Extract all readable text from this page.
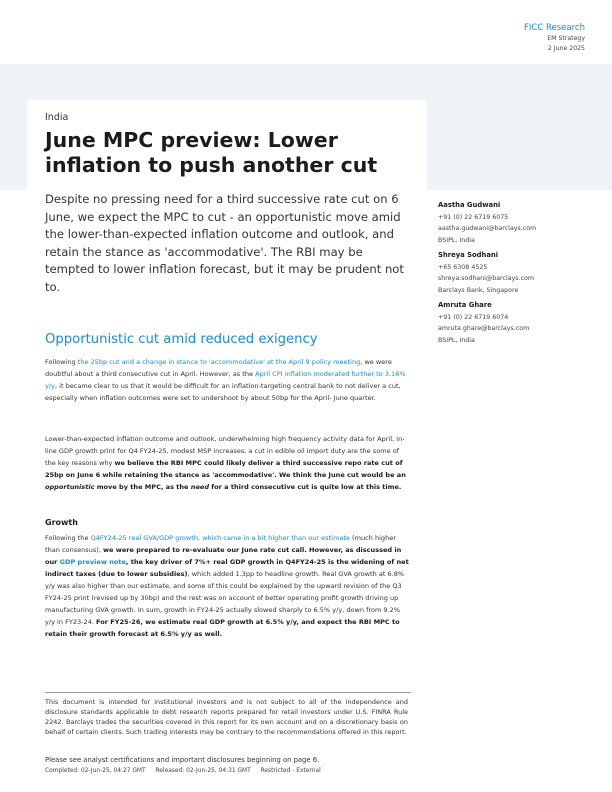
FICC Research
EM Strategy
2 June 2025
India
June MPC preview: Lower inflation to push another cut

Despite no pressing need for a third successive rate cut on 6 June, we expect the MPC to cut - an opportunistic move amid the lower-than-expected inflation outcome and outlook, and retain the stance as 'accommodative'. The RBI may be tempted to lower inflation forecast, but it may be prudent not to.

Aastha Gudwani
+91 (0) 22 6719 6075
aastha.gudwani@barclays.com
BSIPL, India
Shreya Sodhani
+65 6308 4525
shreya.sodhani@barclays.com
Barclays Bank, Singapore
Amruta Ghare
+91 (0) 22 6719 6074
amruta.ghare@barclays.com
BSIPL, India
Opportunistic cut amid reduced exigency

Following the 25bp cut and a change in stance to 'accommodative' at the April 9 policy meeting, we were doubtful about a third consecutive cut in April. However, as the April CPI inflation moderated further to 3.16% y/y, it became clear to us that it would be difficult for an inflation-targeting central bank to not deliver a cut, especially when inflation outcomes were set to undershoot by about 50bp for the April- June quarter.

Lower-than-expected inflation outcome and outlook, underwhelming high frequency activity data for April, in-line GDP growth print for Q4 FY24-25, modest MSP increases, a cut in edible oil import duty are the some of the key reasons why we believe the RBI MPC could likely deliver a third successive repo rate cut of 25bp on June 6 while retaining the stance as 'accommodative'. We think the June cut would be an opportunistic move by the MPC, as the need for a third consecutive cut is quite low at this time.

Growth

Following the Q4FY24-25 real GVA/GDP growth, which came in a bit higher than our estimate (much higher than consensus), we were prepared to re-evaluate our June rate cut call. However, as discussed in our GDP preview note, the key driver of 7%+ real GDP growth in Q4FY24-25 is the widening of net indirect taxes (due to lower subsidies), which added 1.3pp to headline growth. Real GVA growth at 6.8% y/y was also higher than our estimate, and some of this could be explained by the upward revision of the Q3 FY24-25 print (revised up by 30bp) and the rest was on account of better operating profit growth driving up manufacturing GVA growth. In sum, growth in FY24-25 actually slowed sharply to 6.5% y/y, down from 9.2% y/y in FY23-24. For FY25-26, we estimate real GDP growth at 6.5% y/y, and expect the RBI MPC to retain their growth forecast at 6.5% y/y as well.

This document is intended for institutional investors and is not subject to all of the independence and disclosure standards applicable to debt research reports prepared for retail investors under U.S. FINRA Rule 2242. Barclays trades the securities covered in this report for its own account and on a discretionary basis on behalf of certain clients. Such trading interests may be contrary to the recommendations offered in this report.

Please see analyst certifications and important disclosures beginning on page 6.
Completed: 02-Jun-25, 04:27 GMT Released: 02-Jun-25, 04:31 GMT Restricted - External
